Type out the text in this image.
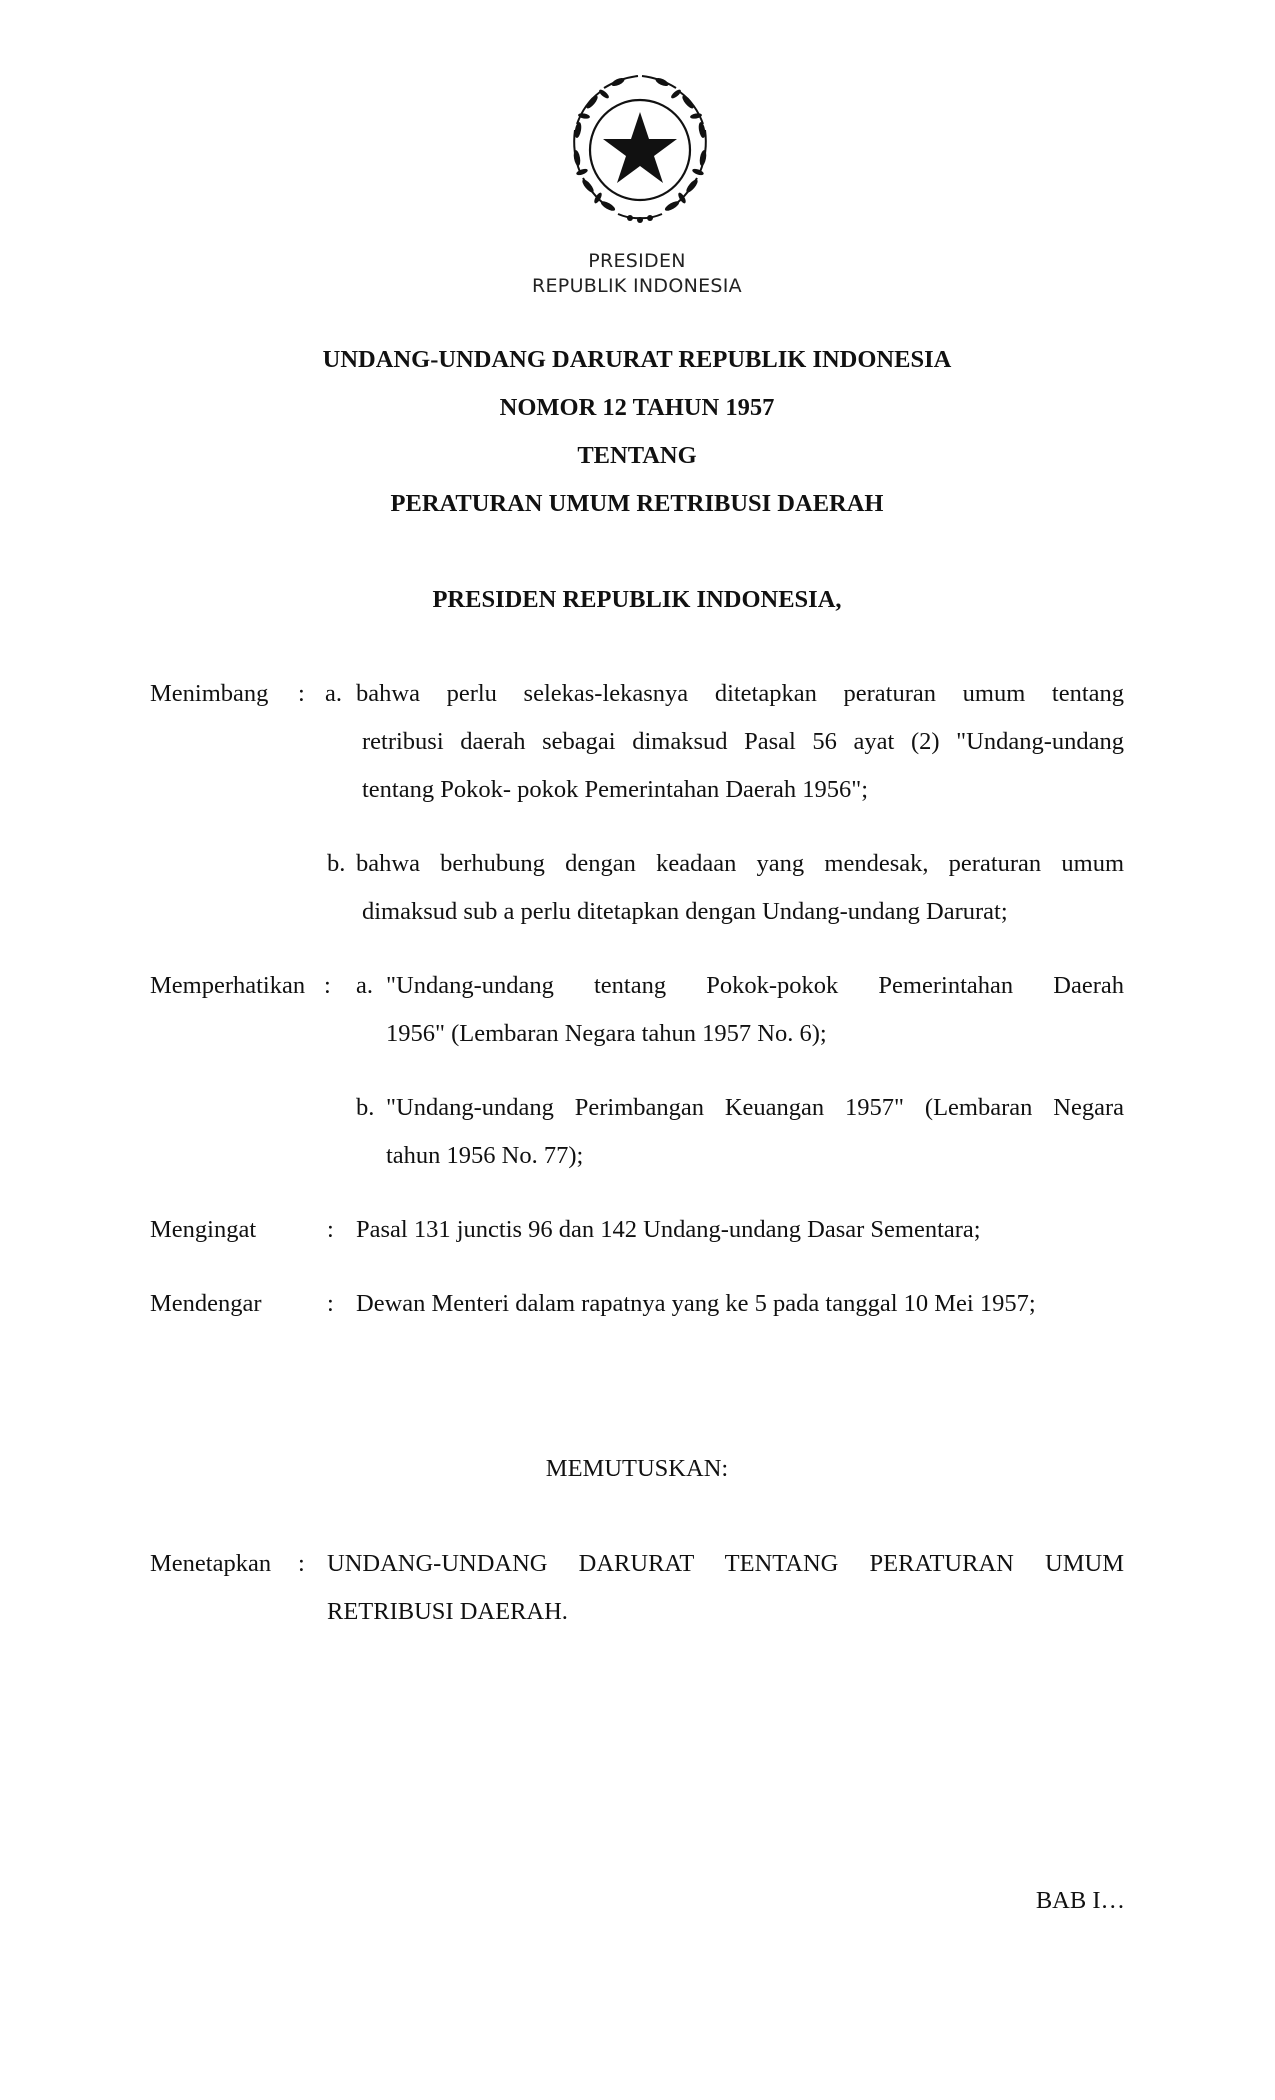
PRESIDEN
REPUBLIK INDONESIA
UNDANG-UNDANG DARURAT REPUBLIK INDONESIA
NOMOR 12 TAHUN 1957
TENTANG
PERATURAN UMUM RETRIBUSI DAERAH
PRESIDEN REPUBLIK INDONESIA,
Menimbang : a. bahwa perlu selekas-lekasnya ditetapkan peraturan umum tentang
retribusi daerah sebagai dimaksud Pasal 56 ayat (2) "Undang-undang
tentang Pokok- pokok Pemerintahan Daerah 1956";
b. bahwa berhubung dengan keadaan yang mendesak, peraturan umum
dimaksud sub a perlu ditetapkan dengan Undang-undang Darurat;
Memperhatikan : a. "Undang-undang tentang Pokok-pokok Pemerintahan Daerah
1956" (Lembaran Negara tahun 1957 No. 6);
b. "Undang-undang Perimbangan Keuangan 1957" (Lembaran Negara
tahun 1956 No. 77);
Mengingat	: Pasal 131 junctis 96 dan 142 Undang-undang Dasar Sementara;
Mendengar	: Dewan Menteri dalam rapatnya yang ke 5 pada tanggal 10 Mei 1957;
MEMUTUSKAN:
Menetapkan : UNDANG-UNDANG DARURAT TENTANG PERATURAN UMUM
RETRIBUSI DAERAH.
BAB I…
